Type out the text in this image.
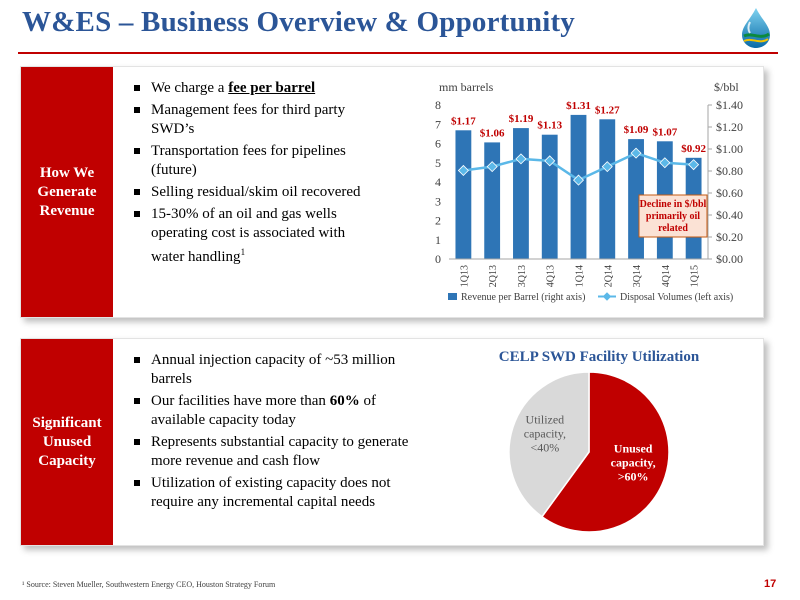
W&ES – Business Overview & Opportunity
How We
Generate
Revenue
We charge a fee per barrel
Management fees for third party SWD’s
Transportation fees for pipelines (future)
Selling residual/skim oil recovered
15-30% of an oil and gas wells operating cost is associated with water handling$^1$
mm barrels	$/bbl
0
1
2
3
4
5
6
7
8
$0.00
$0.20
$0.40
$0.60
$0.80
$1.00
$1.20
$1.40
$1.17
$1.06
$1.19
$1.13
$1.31 $1.27
$1.09 $1.07
$0.92
1Q13 2Q13 3Q13 4Q13 1Q14 2Q14 3Q14 4Q14 1Q15
Decline in $/bbl
primarily oil
related
Revenue per Barrel (right axis)	Disposal Volumes (left axis)
Significant
Unused
Capacity
Annual injection capacity of ~53 million barrels
Our facilities have more than 60% of available capacity today
Represents substantial capacity to generate more revenue and cash flow
Utilization of existing capacity does not require any incremental capital needs
CELP SWD Facility Utilization
Unused
capacity,
>60%
Utilized
capacity,
<40%
¹ Source: Steven Mueller, Southwestern Energy CEO, Houston Strategy Forum	17
